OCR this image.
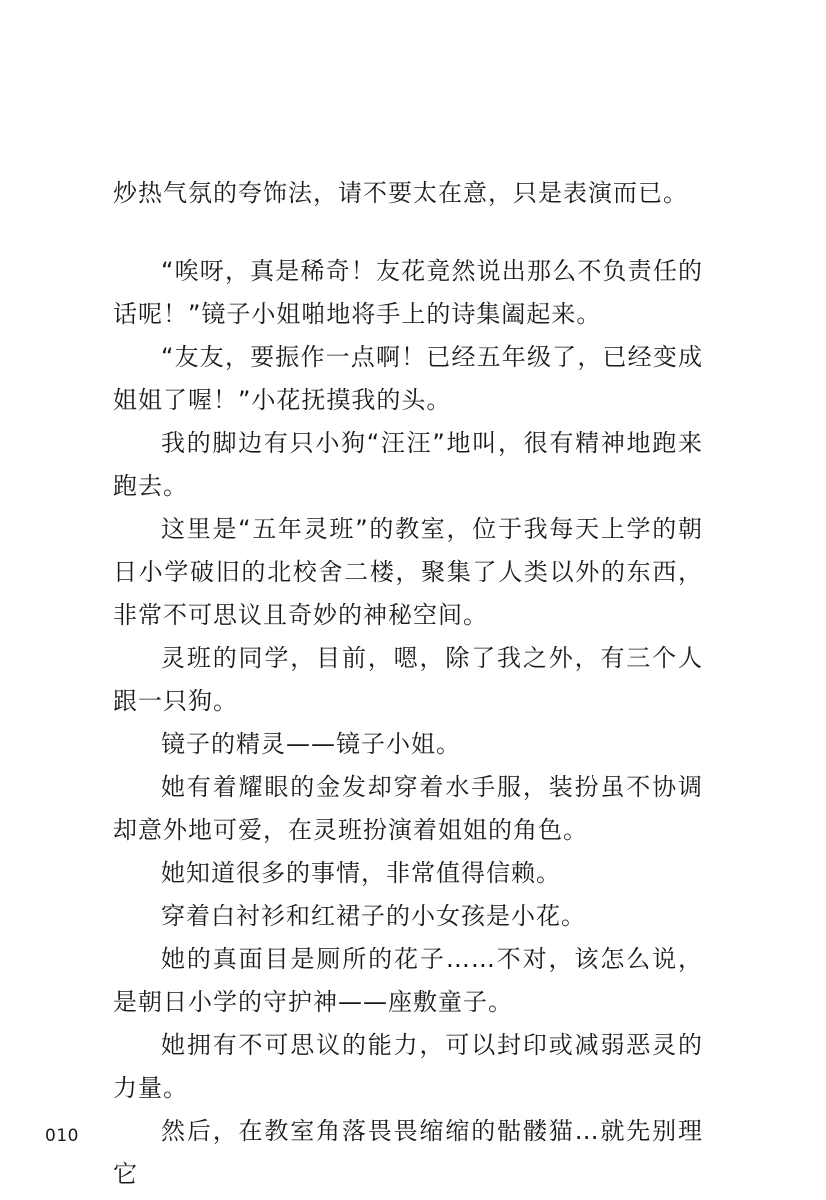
炒热气氛的夸饰法，请不要太在意，只是表演而已。

“唉呀，真是稀奇！友花竟然说出那么不负责任的话呢！”镜子小姐啪地将手上的诗集阖起来。

“友友，要振作一点啊！已经五年级了，已经变成姐姐了喔！”小花抚摸我的头。

我的脚边有只小狗“汪汪”地叫，很有精神地跑来跑去。

这里是“五年灵班”的教室，位于我每天上学的朝日小学破旧的北校舍二楼，聚集了人类以外的东西，非常不可思议且奇妙的神秘空间。

灵班的同学，目前，嗯，除了我之外，有三个人跟一只狗。

镜子的精灵——镜子小姐。

她有着耀眼的金发却穿着水手服，装扮虽不协调却意外地可爱，在灵班扮演着姐姐的角色。

她知道很多的事情，非常值得信赖。

穿着白衬衫和红裙子的小女孩是小花。

她的真面目是厕所的花子……不对，该怎么说，是朝日小学的守护神——座敷童子。

她拥有不可思议的能力，可以封印或减弱恶灵的力量。

然后，在教室角落畏畏缩缩的骷髅猫…就先别理它

010
